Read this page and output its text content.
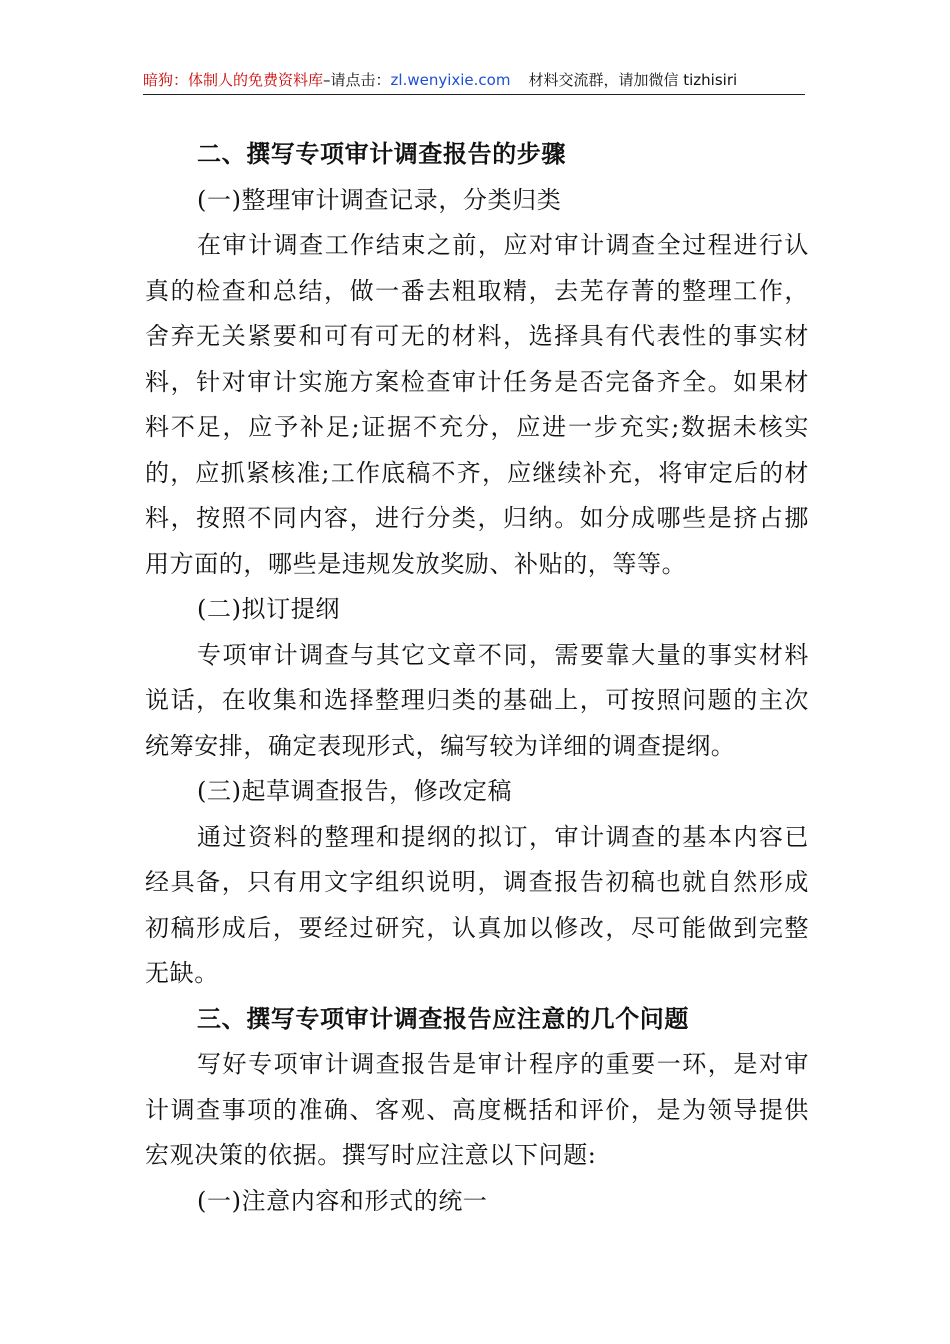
暗狗：体制人的免费资料库–请点击：zl.wenyixie.com 材料交流群，请加微信 tizhisiri

二、撰写专项审计调查报告的步骤

(一)整理审计调查记录，分类归类

在审计调查工作结束之前，应对审计调查全过程进行认真的检查和总结，做一番去粗取精，去芜存菁的整理工作，舍弃无关紧要和可有可无的材料，选择具有代表性的事实材料，针对审计实施方案检查审计任务是否完备齐全。如果材料不足，应予补足;证据不充分，应进一步充实;数据未核实的，应抓紧核准;工作底稿不齐，应继续补充，将审定后的材料，按照不同内容，进行分类，归纳。如分成哪些是挤占挪用方面的，哪些是违规发放奖励、补贴的，等等。

(二)拟订提纲

专项审计调查与其它文章不同，需要靠大量的事实材料说话，在收集和选择整理归类的基础上，可按照问题的主次统筹安排，确定表现形式，编写较为详细的调查提纲。

(三)起草调查报告，修改定稿

通过资料的整理和提纲的拟订，审计调查的基本内容已经具备，只有用文字组织说明，调查报告初稿也就自然形成初稿形成后，要经过研究，认真加以修改，尽可能做到完整无缺。

三、撰写专项审计调查报告应注意的几个问题

写好专项审计调查报告是审计程序的重要一环，是对审计调查事项的准确、客观、高度概括和评价，是为领导提供宏观决策的依据。撰写时应注意以下问题:

(一)注意内容和形式的统一
